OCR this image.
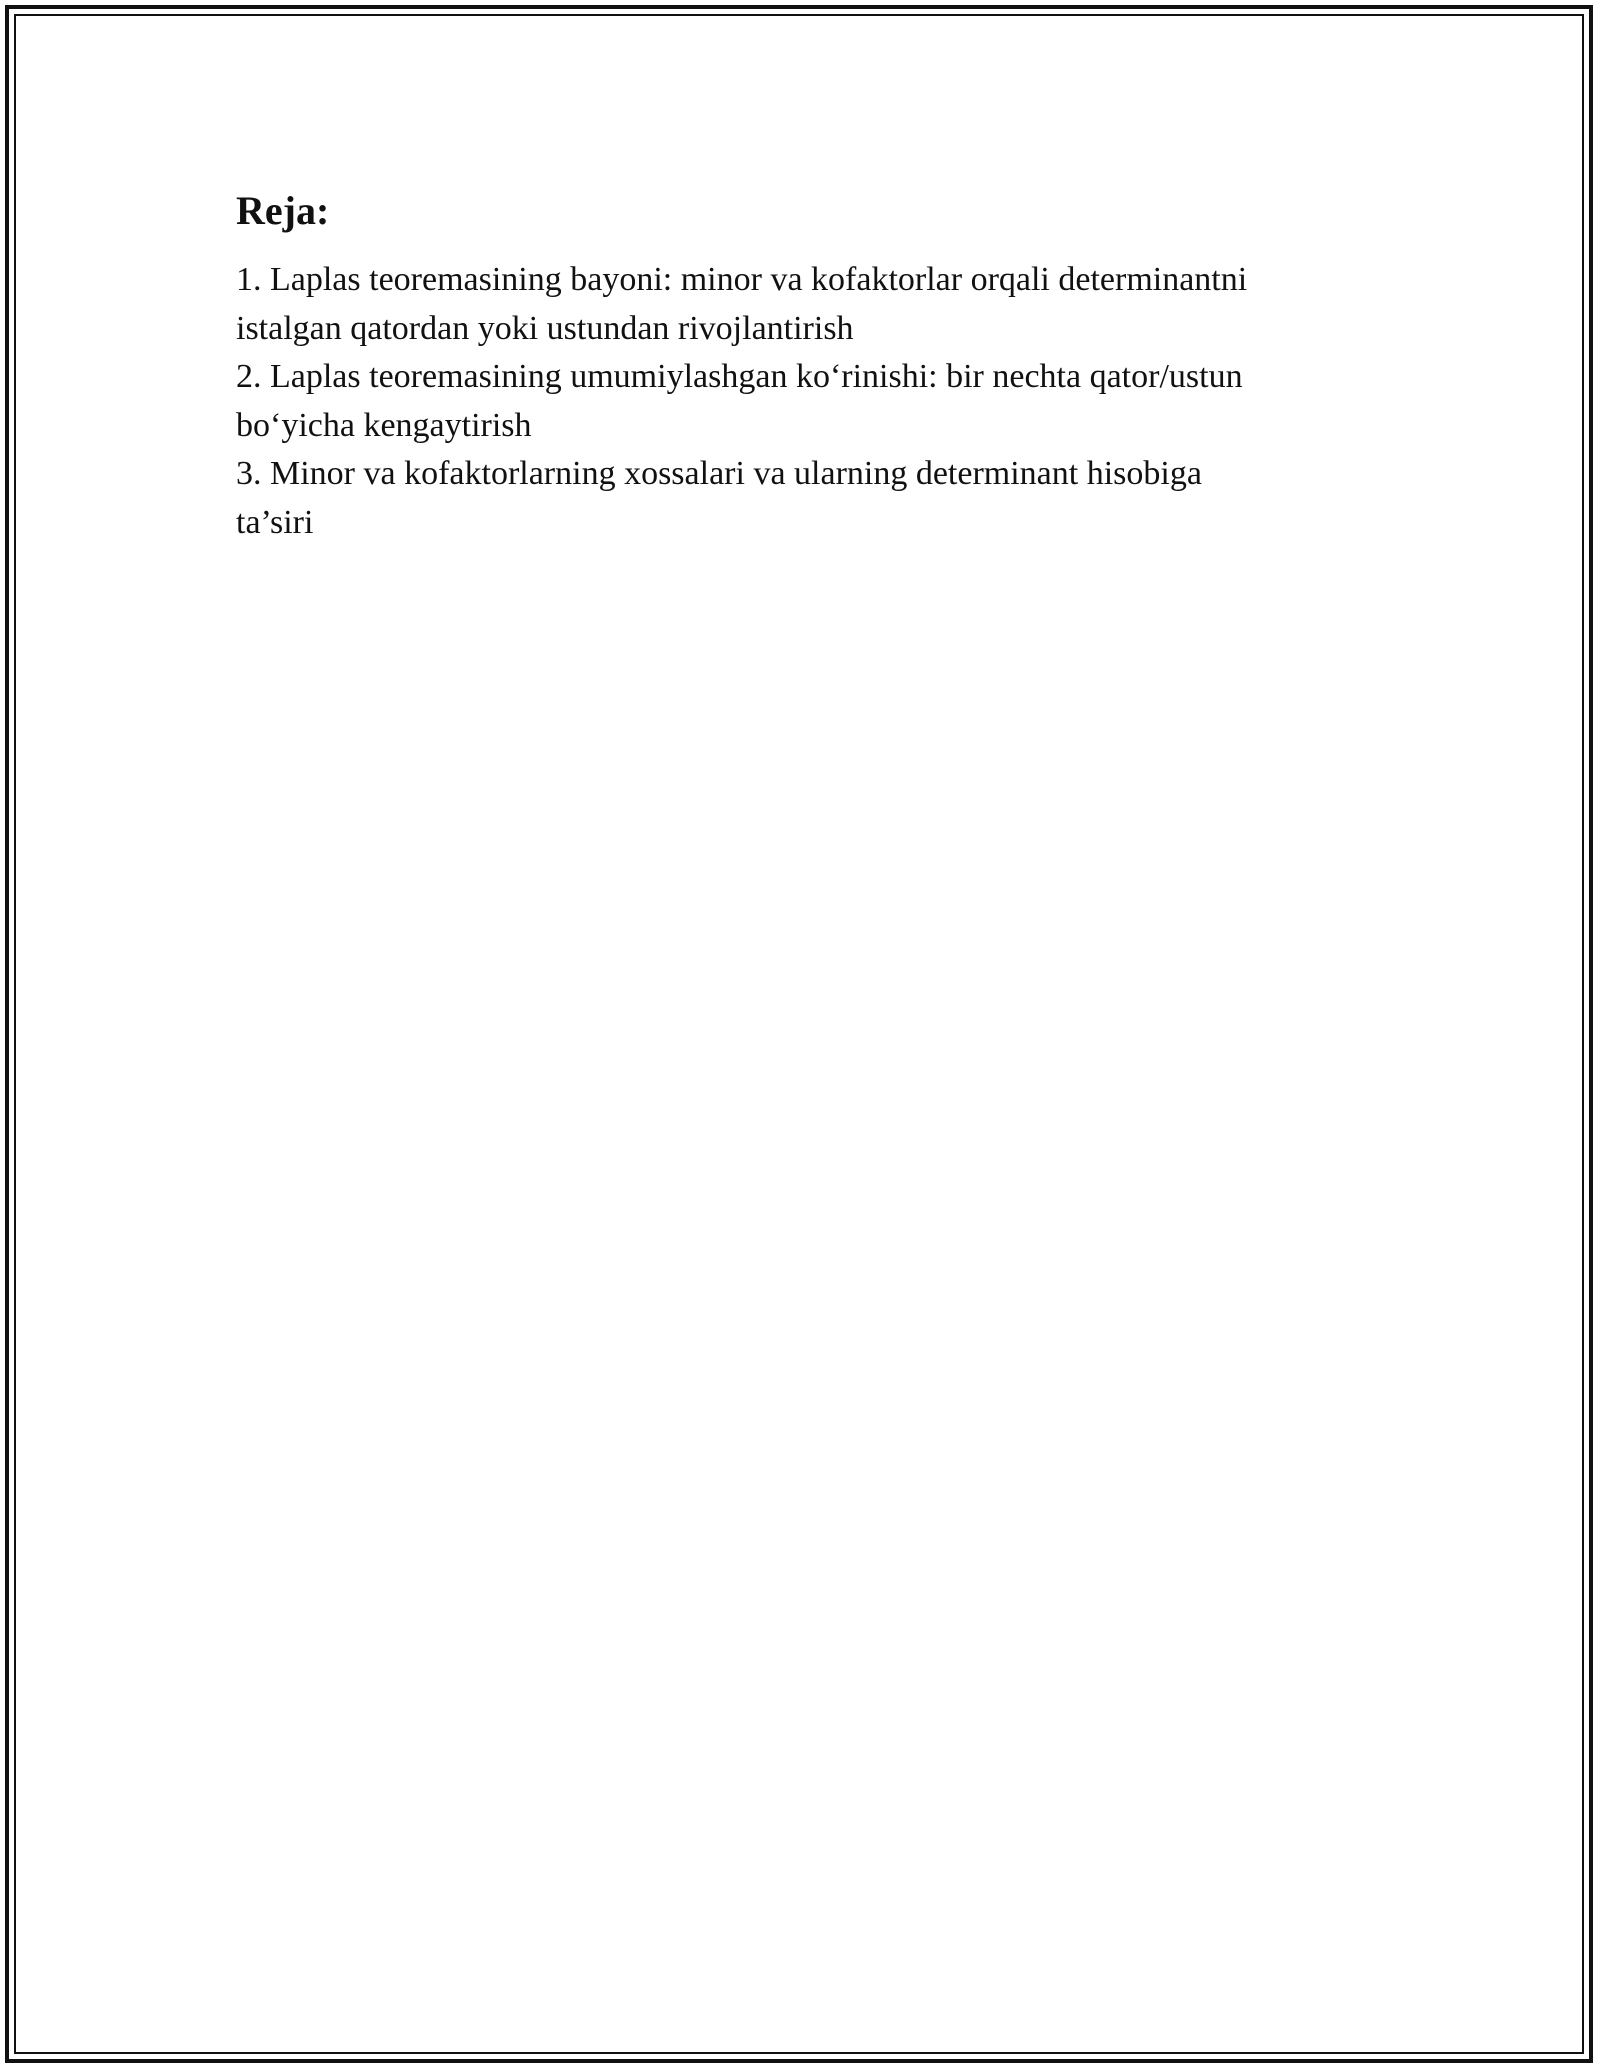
Reja:
1. Laplas teoremasining bayoni: minor va kofaktorlar orqali determinantni
istalgan qatordan yoki ustundan rivojlantirish
2. Laplas teoremasining umumiylashgan ko‘rinishi: bir nechta qator/ustun
bo‘yicha kengaytirish
3. Minor va kofaktorlarning xossalari va ularning determinant hisobiga
ta’siri
